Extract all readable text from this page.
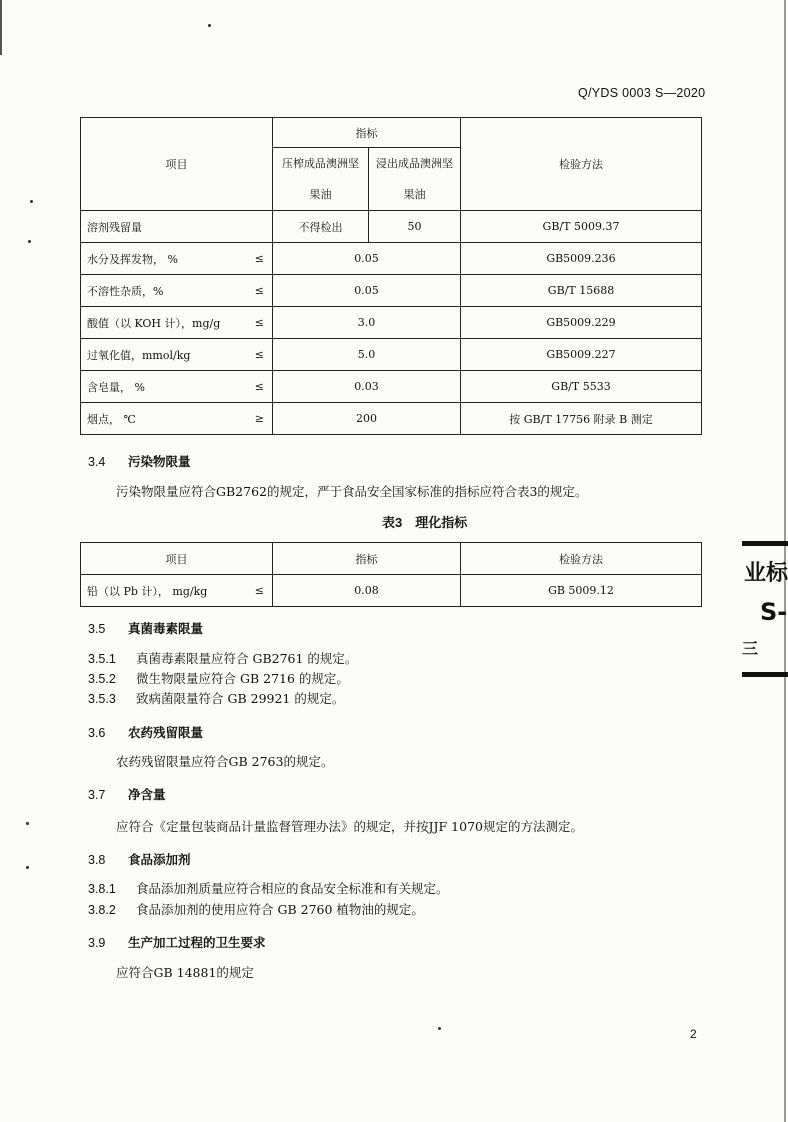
Q/YDS 0003 S—2020
项目		指标		检验方法
		压榨成品澳洲坚果油	浸出成品澳洲坚果油	

溶剂残留量		不得检出	50	GB/T 5009.37
水分及挥发物， %	≤	0.05		GB5009.236
不溶性杂质，%	≤	0.05		GB/T 15688
酸值（以 KOH 计），mg/g	≤	3.0		GB5009.229
过氧化值，mmol/kg	≤	5.0		GB5009.227
含皂量， %	≤	0.03		GB/T 5533
烟点， ℃	≥	200		按 GB/T 17756 附录 B 测定
3.4 污染物限量
污染物限量应符合GB2762的规定，严于食品安全国家标准的指标应符合表3的规定。
表3　理化指标
项目		指标	检验方法
铅（以 Pb 计）， mg/kg	≤	0.08	GB 5009.12
3.5 真菌毒素限量
3.5.1 真菌毒素限量应符合 GB2761 的规定。
3.5.2 微生物限量应符合 GB 2716 的规定。
3.5.3 致病菌限量符合 GB 29921 的规定。
3.6 农药残留限量
农药残留限量应符合GB 2763的规定。
3.7 净含量
应符合《定量包装商品计量监督管理办法》的规定，并按JJF 1070规定的方法测定。
3.8 食品添加剂
3.8.1 食品添加剂质量应符合相应的食品安全标准和有关规定。
3.8.2 食品添加剂的使用应符合 GB 2760 植物油的规定。
3.9 生产加工过程的卫生要求
应符合GB 14881的规定
2
业标
S-
三
